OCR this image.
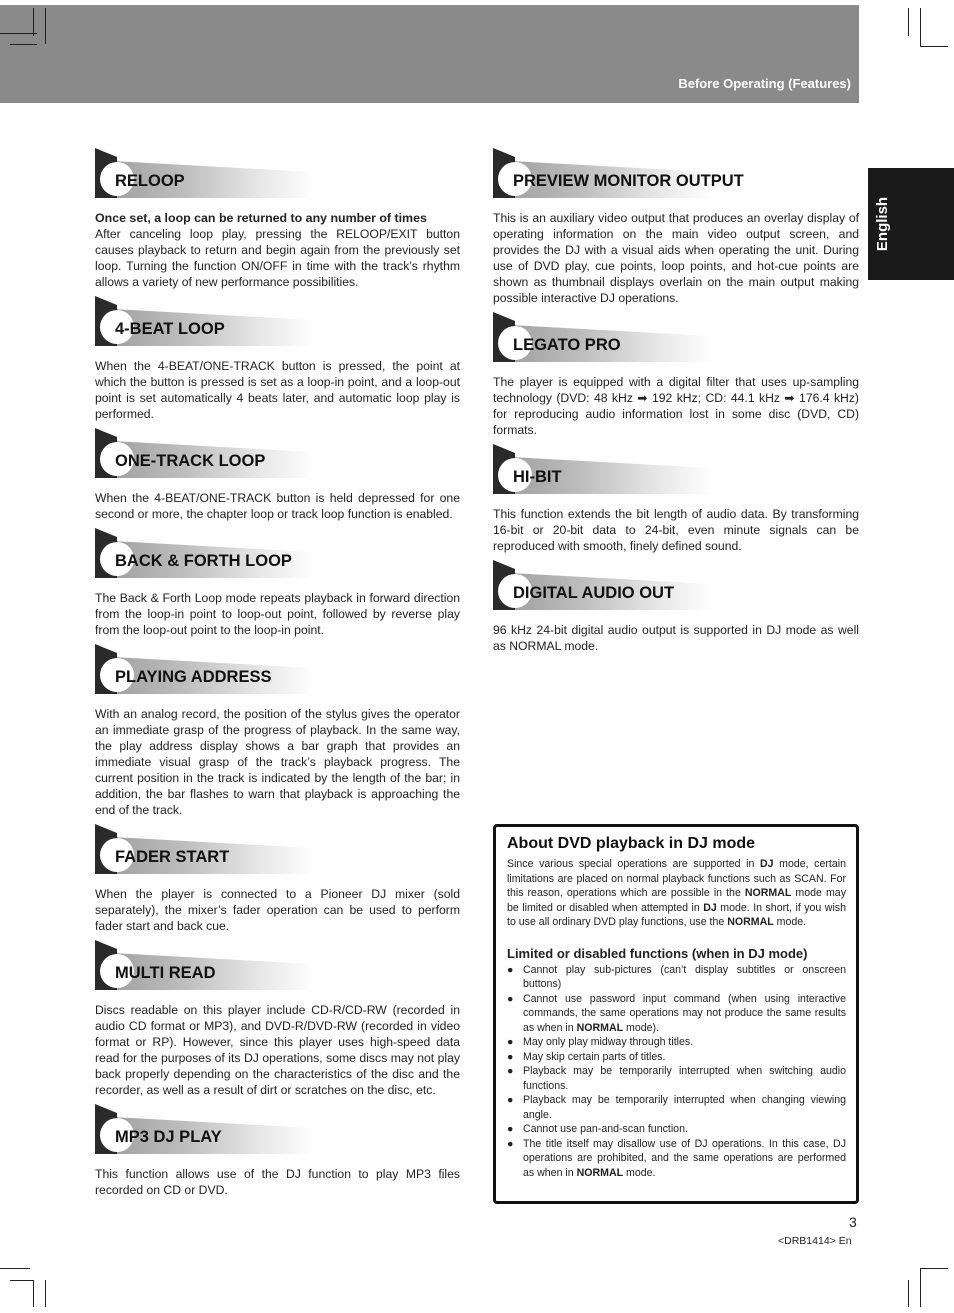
Before Operating (Features)
English
RELOOP
Once set, a loop can be returned to any number of times
After canceling loop play, pressing the RELOOP/EXIT button causes playback to return and begin again from the previously set loop. Turning the function ON/OFF in time with the track’s rhythm allows a variety of new performance possibilities.
4-BEAT LOOP
When the 4-BEAT/ONE-TRACK button is pressed, the point at which the button is pressed is set as a loop-in point, and a loop-out point is set automatically 4 beats later, and automatic loop play is performed.
ONE-TRACK LOOP
When the 4-BEAT/ONE-TRACK button is held depressed for one second or more, the chapter loop or track loop function is enabled.
BACK & FORTH LOOP
The Back & Forth Loop mode repeats playback in forward direction from the loop-in point to loop-out point, followed by reverse play from the loop-out point to the loop-in point.
PLAYING ADDRESS
With an analog record, the position of the stylus gives the operator an immediate grasp of the progress of playback. In the same way, the play address display shows a bar graph that provides an immediate visual grasp of the track’s playback progress. The current position in the track is indicated by the length of the bar; in addition, the bar flashes to warn that playback is approaching the end of the track.
FADER START
When the player is connected to a Pioneer DJ mixer (sold separately), the mixer’s fader operation can be used to perform fader start and back cue.
MULTI READ
Discs readable on this player include CD-R/CD-RW (recorded in audio CD format or MP3), and DVD-R/DVD-RW (recorded in video format or RP). However, since this player uses high-speed data read for the purposes of its DJ operations, some discs may not play back properly depending on the characteristics of the disc and the recorder, as well as a result of dirt or scratches on the disc, etc.
MP3 DJ PLAY
This function allows use of the DJ function to play MP3 files recorded on CD or DVD.
PREVIEW MONITOR OUTPUT
This is an auxiliary video output that produces an overlay display of operating information on the main video output screen, and provides the DJ with a visual aids when operating the unit. During use of DVD play, cue points, loop points, and hot-cue points are shown as thumbnail displays overlain on the main output making possible interactive DJ operations.
LEGATO PRO
The player is equipped with a digital filter that uses up-sampling technology (DVD: 48 kHz ➡ 192 kHz; CD: 44.1 kHz ➡ 176.4 kHz) for reproducing audio information lost in some disc (DVD, CD) formats.
HI-BIT
This function extends the bit length of audio data. By transforming 16-bit or 20-bit data to 24-bit, even minute signals can be reproduced with smooth, finely defined sound.
DIGITAL AUDIO OUT
96 kHz 24-bit digital audio output is supported in DJ mode as well as NORMAL mode.
About DVD playback in DJ mode
Since various special operations are supported in DJ mode, certain limitations are placed on normal playback functions such as SCAN. For this reason, operations which are possible in the NORMAL mode may be limited or disabled when attempted in DJ mode. In short, if you wish to use all ordinary DVD play functions, use the NORMAL mode.
Limited or disabled functions (when in DJ mode)
● Cannot play sub-pictures (can’t display subtitles or onscreen buttons)
● Cannot use password input command (when using interactive commands, the same operations may not produce the same results as when in NORMAL mode).
● May only play midway through titles.
● May skip certain parts of titles.
● Playback may be temporarily interrupted when switching audio functions.
● Playback may be temporarily interrupted when changing viewing angle.
● Cannot use pan-and-scan function.
● The title itself may disallow use of DJ operations. In this case, DJ operations are prohibited, and the same operations are performed as when in NORMAL mode.
3
<DRB1414> En
